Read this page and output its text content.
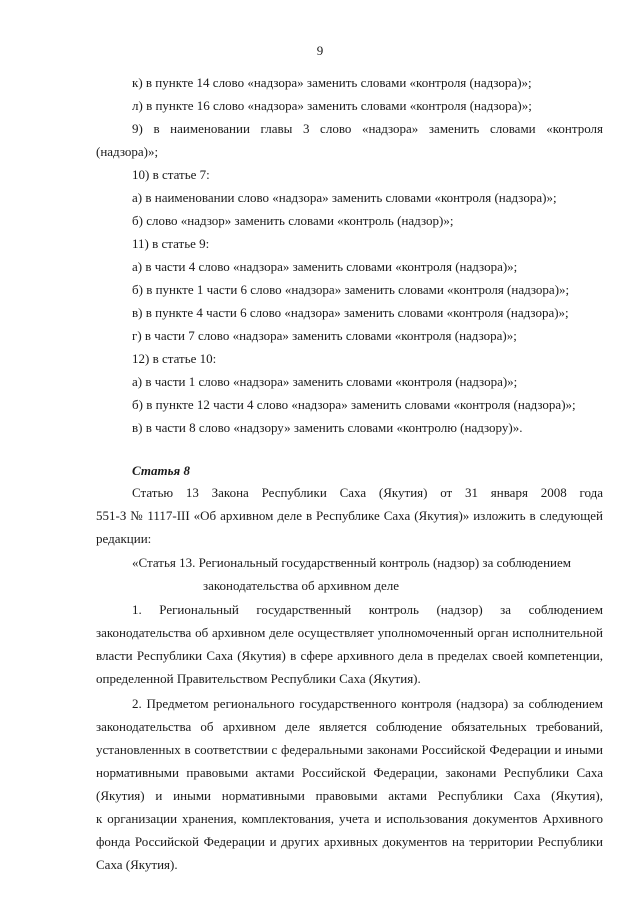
9
к) в пункте 14 слово «надзора» заменить словами «контроля (надзора)»;
л) в пункте 16 слово «надзора» заменить словами «контроля (надзора)»;
9) в наименовании главы 3 слово «надзора» заменить словами «контроля
(надзора)»;
10) в статье 7:
а) в наименовании слово «надзора» заменить словами «контроля (надзора)»;
б) слово «надзор» заменить словами «контроль (надзор)»;
11) в статье 9:
а) в части 4 слово «надзора» заменить словами «контроля (надзора)»;
б) в пункте 1 части 6 слово «надзора» заменить словами «контроля (надзора)»;
в) в пункте 4 части 6 слово «надзора» заменить словами «контроля (надзора)»;
г) в части 7 слово «надзора» заменить словами «контроля (надзора)»;
12) в статье 10:
а) в части 1 слово «надзора» заменить словами «контроля (надзора)»;
б) в пункте 12 части 4 слово «надзора» заменить словами «контроля (надзора)»;
в) в части 8 слово «надзору» заменить словами «контролю (надзору)».
Статья 8
Статью 13 Закона Республики Саха (Якутия) от 31 января 2008 года
551-З № 1117-III «Об архивном деле в Республике Саха (Якутия)» изложить в следующей
редакции:
«Статья 13. Региональный государственный контроль (надзор) за соблюдением
законодательства об архивном деле
1. Региональный государственный контроль (надзор) за соблюдением
законодательства об архивном деле осуществляет уполномоченный орган исполнительной
власти Республики Саха (Якутия) в сфере архивного дела в пределах своей компетенции,
определенной Правительством Республики Саха (Якутия).
2. Предметом регионального государственного контроля (надзора) за соблюдением
законодательства об архивном деле является соблюдение обязательных требований,
установленных в соответствии с федеральными законами Российской Федерации и иными
нормативными правовыми актами Российской Федерации, законами Республики Саха
(Якутия) и иными нормативными правовыми актами Республики Саха (Якутия),
к организации хранения, комплектования, учета и использования документов Архивного
фонда Российской Федерации и других архивных документов на территории Республики
Саха (Якутия).
